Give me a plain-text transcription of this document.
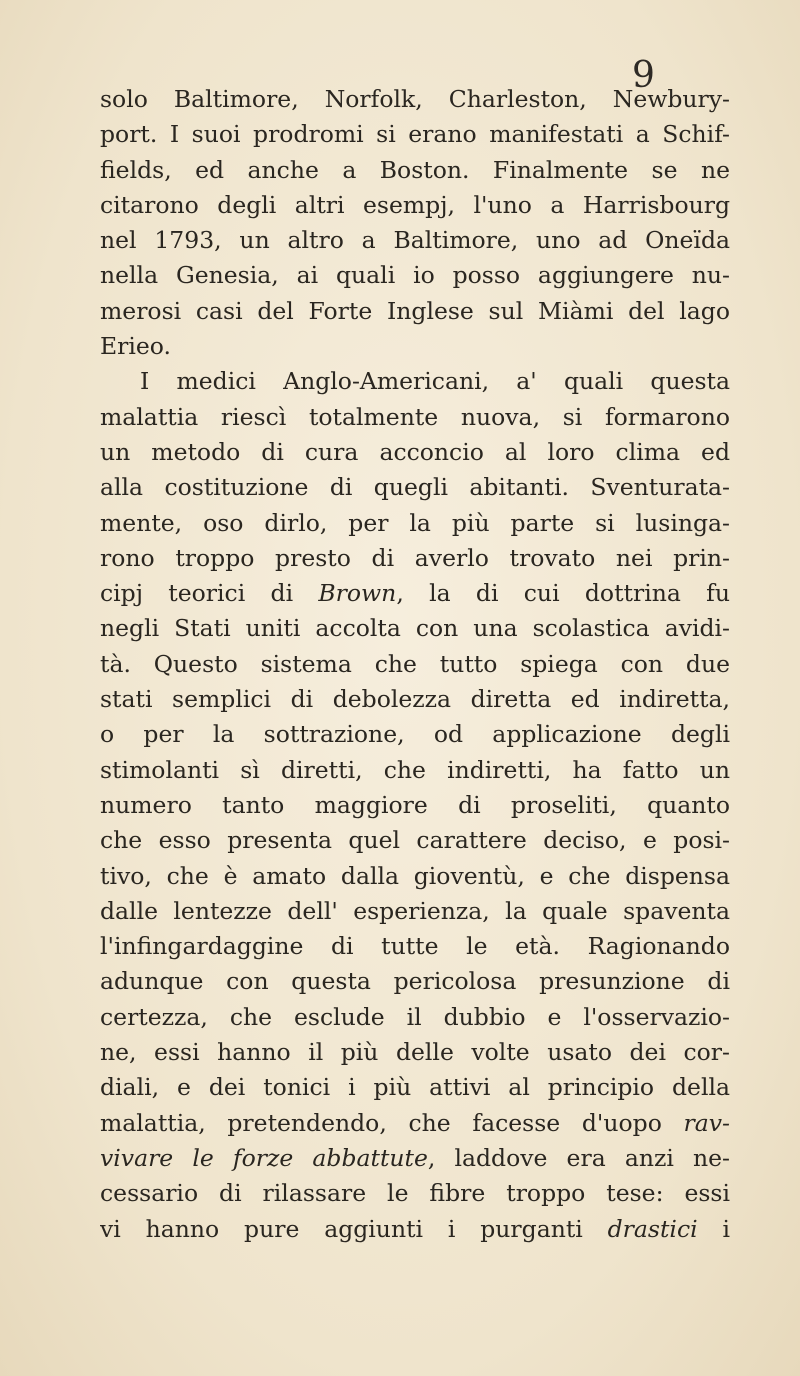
9
solo Baltimore, Norfolk, Charleston, Newbury-
port. I suoi prodromi si erano manifestati a Schif-
fields, ed anche a Boston. Finalmente se ne
citarono degli altri esempj, l'uno a Harrisbourg
nel 1793, un altro a Baltimore, uno ad Oneïda
nella Genesia, ai quali io posso aggiungere nu-
merosi casi del Forte Inglese sul Miàmi del lago
Erieo.
I medici Anglo-Americani, a' quali questa
malattia riescì totalmente nuova, si formarono
un metodo di cura acconcio al loro clima ed
alla costituzione di quegli abitanti. Sventurata-
mente, oso dirlo, per la più parte si lusinga-
rono troppo presto di averlo trovato nei prin-
cipj teorici di Brown, la di cui dottrina fu
negli Stati uniti accolta con una scolastica avidi-
tà. Questo sistema che tutto spiega con due
stati semplici di debolezza diretta ed indiretta,
o per la sottrazione, od applicazione degli
stimolanti sì diretti, che indiretti, ha fatto un
numero tanto maggiore di proseliti, quanto
che esso presenta quel carattere deciso, e posi-
tivo, che è amato dalla gioventù, e che dispensa
dalle lentezze dell' esperienza, la quale spaventa
l'infingardaggine di tutte le età. Ragionando
adunque con questa pericolosa presunzione di
certezza, che esclude il dubbio e l'osservazio-
ne, essi hanno il più delle volte usato dei cor-
diali, e dei tonici i più attivi al principio della
malattia, pretendendo, che facesse d'uopo rav-
vivare le forze abbattute, laddove era anzi ne-
cessario di rilassare le fibre troppo tese: essi
vi hanno pure aggiunti i purganti drastici i
